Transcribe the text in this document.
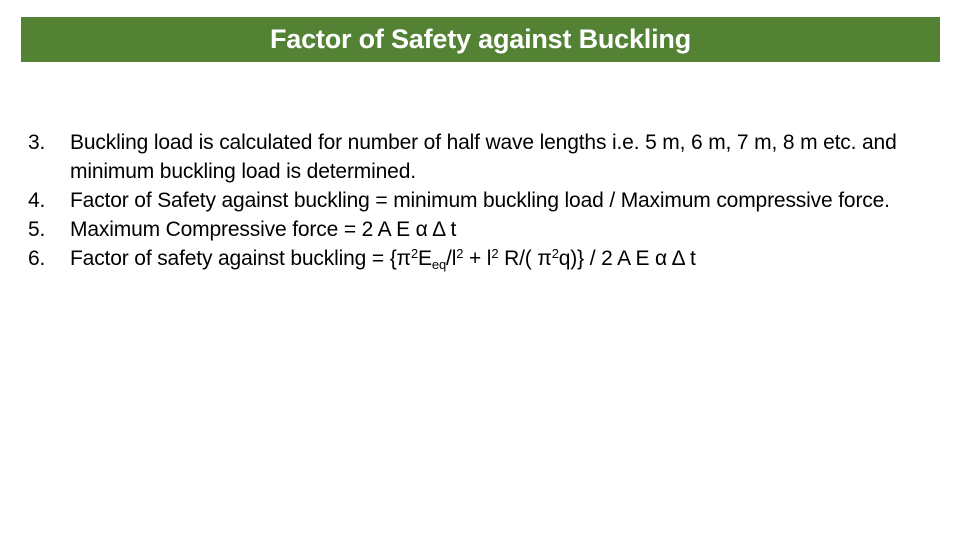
Factor of Safety against Buckling
3.	Buckling load is calculated for number of half wave lengths i.e. 5 m, 6 m, 7 m, 8 m etc. and minimum buckling load is determined.
4.	Factor of Safety against buckling = minimum buckling load / Maximum compressive force.
5.	Maximum Compressive force = 2 A E α Δ t
6.	Factor of safety against buckling = {$\pi^2E_{eq}/l^2 + l^2$ R/( $\pi^2q)\} / 2$ A E α Δ t
